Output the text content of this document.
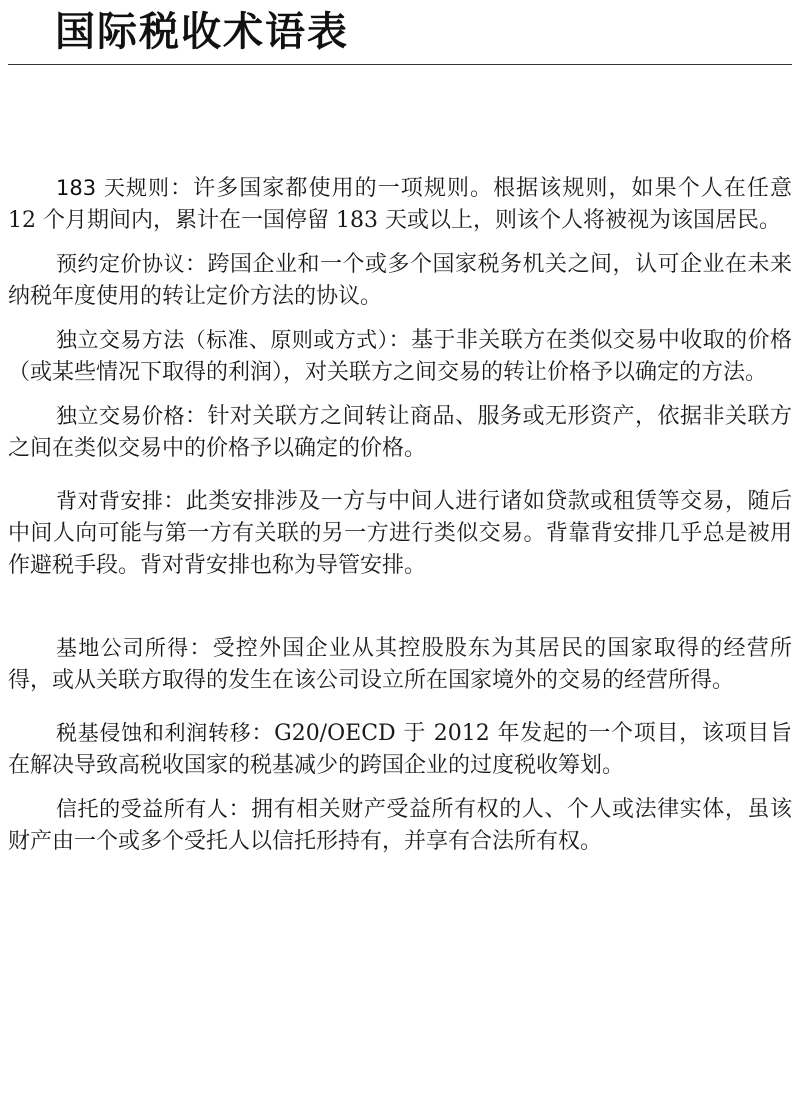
国际税收术语表

183 天规则：许多国家都使用的一项规则。根据该规则，如果个人在任意 12 个月期间内，累计在一国停留 183 天或以上，则该个人将被视为该国居民。

预约定价协议：跨国企业和一个或多个国家税务机关之间，认可企业在未来纳税年度使用的转让定价方法的协议。

独立交易方法（标准、原则或方式）：基于非关联方在类似交易中收取的价格（或某些情况下取得的利润），对关联方之间交易的转让价格予以确定的方法。

独立交易价格：针对关联方之间转让商品、服务或无形资产，依据非关联方之间在类似交易中的价格予以确定的价格。

背对背安排：此类安排涉及一方与中间人进行诸如贷款或租赁等交易，随后中间人向可能与第一方有关联的另一方进行类似交易。背靠背安排几乎总是被用作避税手段。背对背安排也称为导管安排。

基地公司所得：受控外国企业从其控股股东为其居民的国家取得的经营所得，或从关联方取得的发生在该公司设立所在国家境外的交易的经营所得。

税基侵蚀和利润转移：G20/OECD 于 2012 年发起的一个项目，该项目旨在解决导致高税收国家的税基减少的跨国企业的过度税收筹划。

信托的受益所有人：拥有相关财产受益所有权的人、个人或法律实体，虽该财产由一个或多个受托人以信托形持有，并享有合法所有权。
